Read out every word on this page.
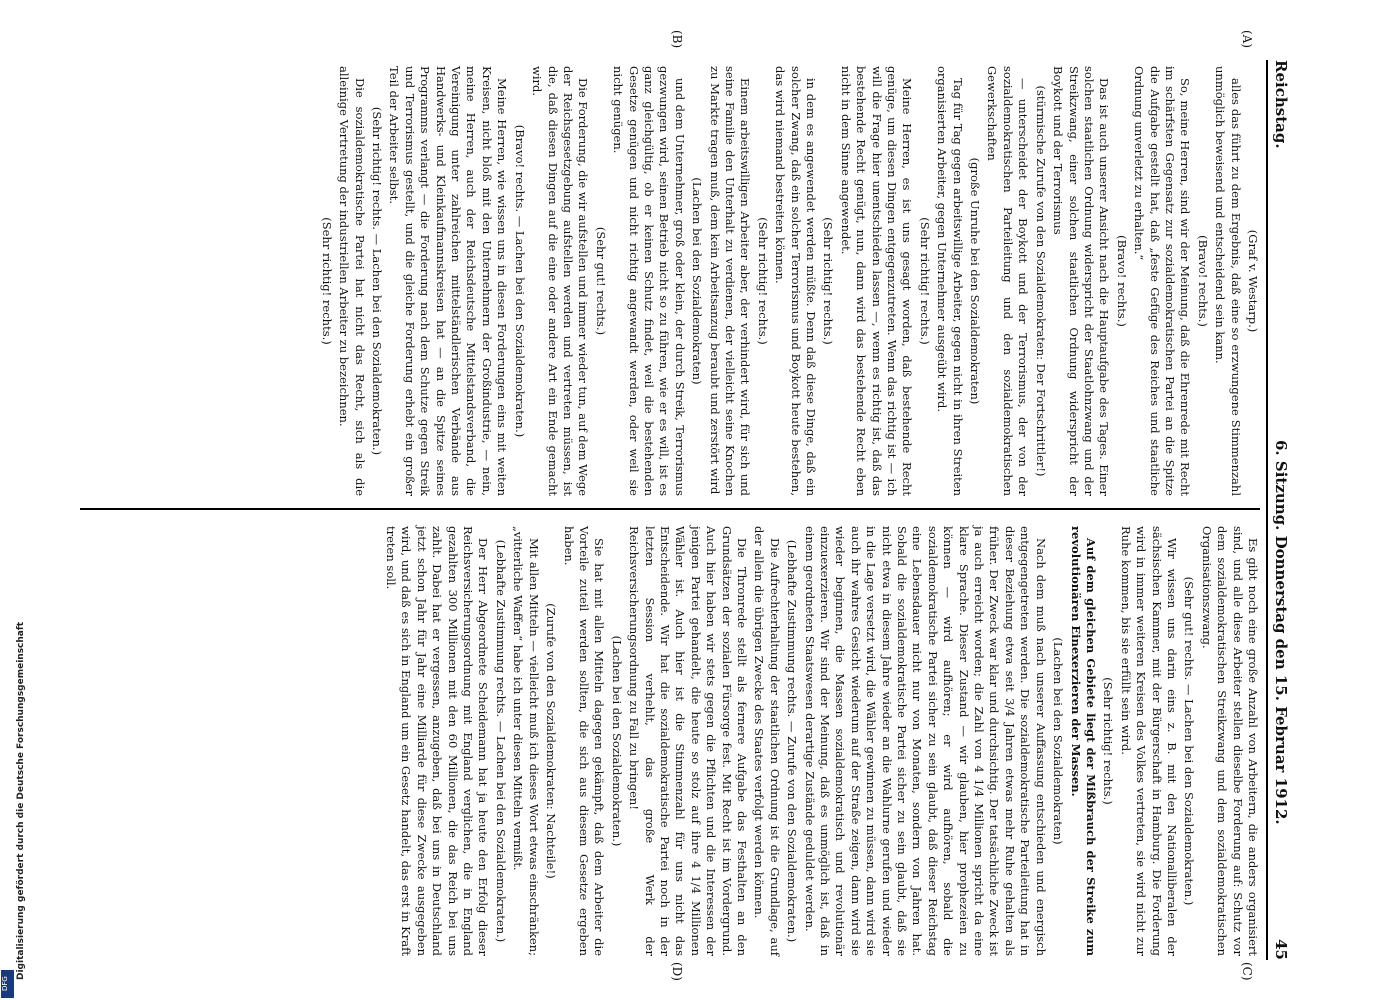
Reichstag.
6. Sitzung. Donnerstag den 15. Februar 1912.
45
(A)
(B)
(C)
(D)

(Graf v. Westarp.)

alles das führt zu dem Ergebnis, daß eine so erzwungene Stimmenzahl unmöglich beweisend und entscheidend sein kann.

(Bravo! rechts.)

So, meine Herren, sind wir der Meinung, daß die Ehrenrede mit Recht im schärfsten Gegensatz zur sozialdemokratischen Partei an die Spitze die Aufgabe gestellt hat, daß „feste Gefüge des Reiches und staatliche Ordnung unverletzt zu erhalten.“

(Bravo! rechts.)

Das ist auch unserer Ansicht nach die Hauptaufgabe des Tages. Einer solchen staatlichen Ordnung widerspricht der Staatlohnzwang und der Streikzwang, einer solchen staatlichen Ordnung widerspricht der Boykott und der Terrorismus

(stürmische Zurufe von den Sozialdemokraten: Der Fortschrittler!)

— unterscheidet der Boykott und der Terrorismus, der von der sozialdemokratischen Parteileitung und den sozialdemokratischen Gewerkschaften

(große Unruhe bei den Sozialdemokraten)

Tag für Tag gegen arbeitswillige Arbeiter, gegen nicht in ihren Streiten organisierten Arbeiter, gegen Unternehmer ausgeübt wird.

(Sehr richtig! rechts.)

Meine Herren, es ist uns gesagt worden, daß bestehende Recht genüge, um diesen Dingen entgegenzutreten. Wenn das richtig ist — ich will die Frage hier unentschieden lassen —, wenn es richtig ist, daß das bestehende Recht genügt, nun, dann wird das bestehende Recht eben nicht in dem Sinne angewendet.

(Sehr richtig! rechts.)

in dem es angewendet werden müßte. Denn daß diese Dinge, daß ein solcher Zwang, daß ein solcher Terrorismus und Boykott heute bestehen, das wird niemand bestreiten können.

(Sehr richtig! rechts.)

Einem arbeitswilligen Arbeiter aber, der verhindert wird, für sich und seine Familie den Unterhalt zu verdienen, der vielleicht seine Knochen zu Markte tragen muß, dem kein Arbeitsanzug beraubt und zerstört wird

(Lachen bei den Sozialdemokraten)

und dem Unternehmer, groß oder klein, der durch Streik, Terrorismus gezwungen wird, seinen Betrieb nicht so zu führen, wie er es will, ist es ganz gleichgültig, ob er keinen Schutz findet, weil die bestehenden Gesetze genügen und nicht richtig angewandt werden, oder weil sie nicht genügen.

(Sehr gut! rechts.)

Die Forderung, die wir aufstellen und immer wieder tun, auf dem Wege der Reichsgesetzgebung aufstellen werden und vertreten müssen, ist die, daß diesen Dingen auf die eine oder andere Art ein Ende gemacht wird.

(Bravo! rechts. — Lachen bei den Sozialdemokraten.)

Meine Herren, wie wissen uns in diesen Forderungen eins mit weiten Kreisen, nicht bloß mit den Unternehmern der Großindustrie, — nein, meine Herren, auch der Reichsdeutsche Mittelstandsverband, die Vereinigung unter zahlreichen mittelständlerischen Verbände aus Handwerks- und Kleinkaufmannskreisen hat — an die Spitze seines Programms verlangt — die Forderung nach dem Schutze gegen Streik und Terrorismus gestellt, und die gleiche Forderung erhebt ein großer Teil der Arbeiter selbst.

(Sehr richtig! rechts. — Lachen bei den Sozialdemokraten.)

Die sozialdemokratische Partei hat nicht das Recht, sich als die alleinige Vertretung der industriellen Arbeiter zu bezeichnen.

(Sehr richtig! rechts.)

Es gibt noch eine große Anzahl von Arbeitern, die anders organisiert sind, und alle diese Arbeiter stellen dieselbe Forderung auf: Schutz vor dem sozialdemokratischen Streikzwang und dem sozialdemokratischen Organisationszwang.

(Sehr gut! rechts. — Lachen bei den Sozialdemokraten.)

Wir wissen uns darin eins z. B. mit den Nationalliberalen der sächsischen Kammer, mit der Bürgerschaft in Hamburg. Die Forderung wird in immer weiteren Kreisen des Volkes vertreten, sie wird nicht zur Ruhe kommen, bis sie erfüllt sein wird.

(Sehr richtig! rechts.)

Auf dem gleichen Gebiete liegt der Mißbrauch der Streike zum revolutionären Einexerzieren der Massen.

(Lachen bei den Sozialdemokraten)

Nach dem muß nach unserer Auffassung entschieden und energisch entgegengetreten werden. Die sozialdemokratische Parteileitung hat in dieser Beziehung etwa seit 3/4 Jahren etwas mehr Ruhe gehalten als früher. Der Zweck war klar und durchsichtig. Der tatsächliche Zweck ist ja auch erreicht worden; die Zahl von 4 1/4 Millionen spricht da eine klare Sprache. Dieser Zustand — wir glauben, hier prophezeien zu können — wird aufhören; er wird aufhören, sobald die sozialdemokratische Partei sicher zu sein glaubt, daß dieser Reichstag eine Lebensdauer nicht nur von Monaten, sondern von Jahren hat. Sobald die sozialdemokratische Partei sicher zu sein glaubt, daß sie nicht etwa in diesem Jahre wieder an die Wahlurne gerufen und wieder in die Lage versetzt wird, die Wähler gewinnen zu müssen, dann wird sie auch ihr wahres Gesicht wiederum auf der Straße zeigen, dann wird sie wieder beginnen, die Massen sozialdemokratisch und revolutionär einzuexerzieren. Wir sind der Meinung, daß es unmöglich ist, daß in einem geordneten Staatswesen derartige Zustände geduldet werden.

(Lebhafte Zustimmung rechts. — Zurufe von den Sozialdemokraten.)

Die Aufrechterhaltung der staatlichen Ordnung ist die Grundlage, auf der allein die übrigen Zwecke des Staates verfolgt werden können.

Die Thronrede stellt als fernere Aufgabe das Festhalten an den Grundsätzen der sozialen Fürsorge fest. Mit Recht ist im Vordergrund. Auch hier haben wir stets gegen die Pflichten und die Interessen der jenigen Partei gehandelt, die heute so stolz auf ihre 4 1/4 Millionen Wähler ist. Auch hier ist die Stimmenzahl für uns nicht das Entscheidende. Wir hat die sozialdemokratische Partei noch in der letzten Session verhehlt, das große Werk der Reichsversicherungsordnung zu Fall zu bringen!

(Lachen bei den Sozialdemokraten.)

Sie hat mit allen Mitteln dagegen gekämpft, daß dem Arbeiter die Vorteile zuteil werden sollten, die sich aus diesem Gesetze ergeben haben.

(Zurufe von den Sozialdemokraten: Nachteile!)

Mit allen Mitteln — vielleicht muß ich dieses Wort etwas einschränken; „vitterliche Waffen“ habe ich unter diesen Mitteln vermißt.

(Lebhafte Zustimmung rechts. — Lachen bei den Sozialdemokraten.)

Der Herr Abgeordnete Scheidemann hat ja heute den Erfolg dieser Reichsversicherungsordnung mit England verglichen, die in England gezahlten 300 Millionen mit den 60 Millionen, die das Reich bei uns zahlt. Dabei hat er vergessen, anzugeben, daß bei uns in Deutschland jetzt schon Jahr für Jahr eine Milliarde für diese Zwecke ausgegeben wird, und daß es sich in England um ein Gesetz handelt, das erst in Kraft treten soll.

Digitalisierung gefördert durch die Deutsche Forschungsgemeinschaft
DFG
